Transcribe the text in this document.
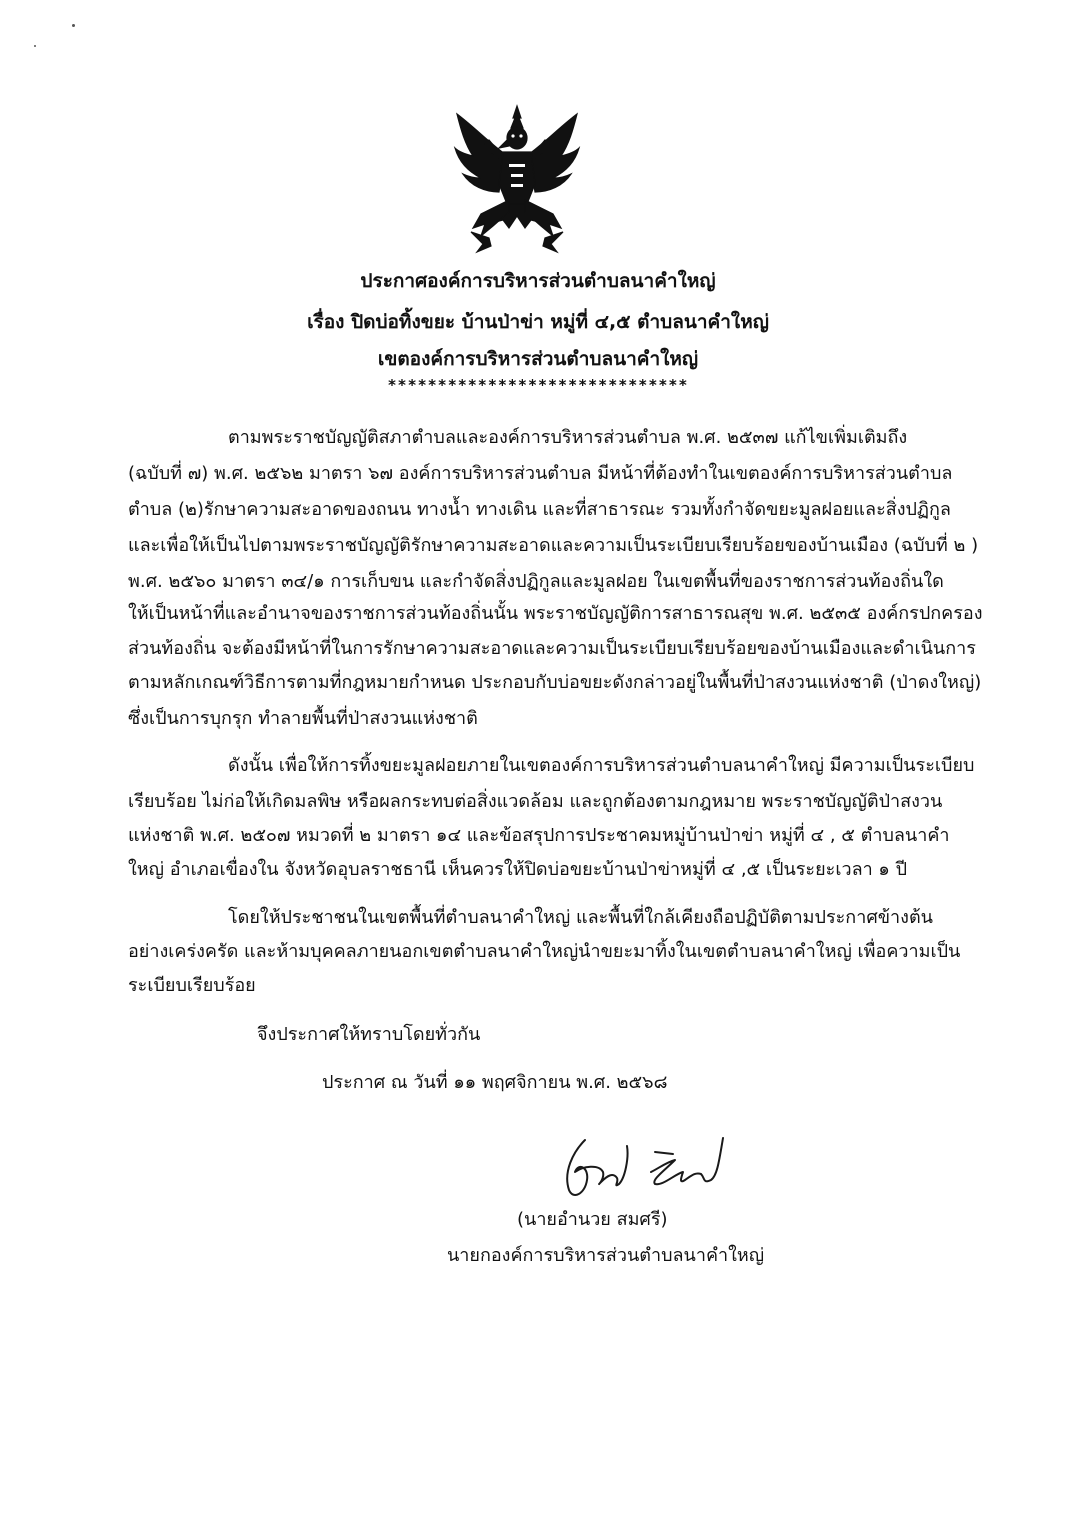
ประกาศองค์การบริหารส่วนตำบลนาคำใหญ่
เรื่อง ปิดบ่อทิ้งขยะ บ้านป่าข่า หมู่ที่ ๔,๕ ตำบลนาคำใหญ่
เขตองค์การบริหารส่วนตำบลนาคำใหญ่
******************************
ตามพระราชบัญญัติสภาตำบลและองค์การบริหารส่วนตำบล พ.ศ. ๒๕๓๗ แก้ไขเพิ่มเติมถึง
(ฉบับที่ ๗) พ.ศ. ๒๕๖๒ มาตรา ๖๗ องค์การบริหารส่วนตำบล มีหน้าที่ต้องทำในเขตองค์การบริหารส่วนตำบล
ตำบล (๒)รักษาความสะอาดของถนน ทางน้ำ ทางเดิน และที่สาธารณะ รวมทั้งกำจัดขยะมูลฝอยและสิ่งปฏิกูล
และเพื่อให้เป็นไปตามพระราชบัญญัติรักษาความสะอาดและความเป็นระเบียบเรียบร้อยของบ้านเมือง (ฉบับที่ ๒ )
พ.ศ. ๒๕๖๐ มาตรา ๓๔/๑ การเก็บขน และกำจัดสิ่งปฏิกูลและมูลฝอย ในเขตพื้นที่ของราชการส่วนท้องถิ่นใด
ให้เป็นหน้าที่และอำนาจของราชการส่วนท้องถิ่นนั้น พระราชบัญญัติการสาธารณสุข พ.ศ. ๒๕๓๕ องค์กรปกครอง
ส่วนท้องถิ่น จะต้องมีหน้าที่ในการรักษาความสะอาดและความเป็นระเบียบเรียบร้อยของบ้านเมืองและดำเนินการ
ตามหลักเกณฑ์วิธีการตามที่กฎหมายกำหนด ประกอบกับบ่อขยะดังกล่าวอยู่ในพื้นที่ป่าสงวนแห่งชาติ (ป่าดงใหญ่)
ซึ่งเป็นการบุกรุก ทำลายพื้นที่ป่าสงวนแห่งชาติ
ดังนั้น เพื่อให้การทิ้งขยะมูลฝอยภายในเขตองค์การบริหารส่วนตำบลนาคำใหญ่ มีความเป็นระเบียบ
เรียบร้อย ไม่ก่อให้เกิดมลพิษ หรือผลกระทบต่อสิ่งแวดล้อม และถูกต้องตามกฎหมาย พระราชบัญญัติป่าสงวน
แห่งชาติ พ.ศ. ๒๕๐๗ หมวดที่ ๒ มาตรา ๑๔ และข้อสรุปการประชาคมหมู่บ้านป่าข่า หมู่ที่ ๔ , ๕ ตำบลนาคำ
ใหญ่ อำเภอเขื่องใน จังหวัดอุบลราชธานี เห็นควรให้ปิดบ่อขยะบ้านป่าข่าหมู่ที่ ๔ ,๕ เป็นระยะเวลา ๑ ปี
โดยให้ประชาชนในเขตพื้นที่ตำบลนาคำใหญ่ และพื้นที่ใกล้เคียงถือปฏิบัติตามประกาศข้างต้น
อย่างเคร่งครัด และห้ามบุคคลภายนอกเขตตำบลนาคำใหญ่นำขยะมาทิ้งในเขตตำบลนาคำใหญ่ เพื่อความเป็น
ระเบียบเรียบร้อย
จึงประกาศให้ทราบโดยทั่วกัน
ประกาศ ณ วันที่ ๑๑ พฤศจิกายน พ.ศ. ๒๕๖๘
(นายอำนวย สมศรี)
นายกองค์การบริหารส่วนตำบลนาคำใหญ่
